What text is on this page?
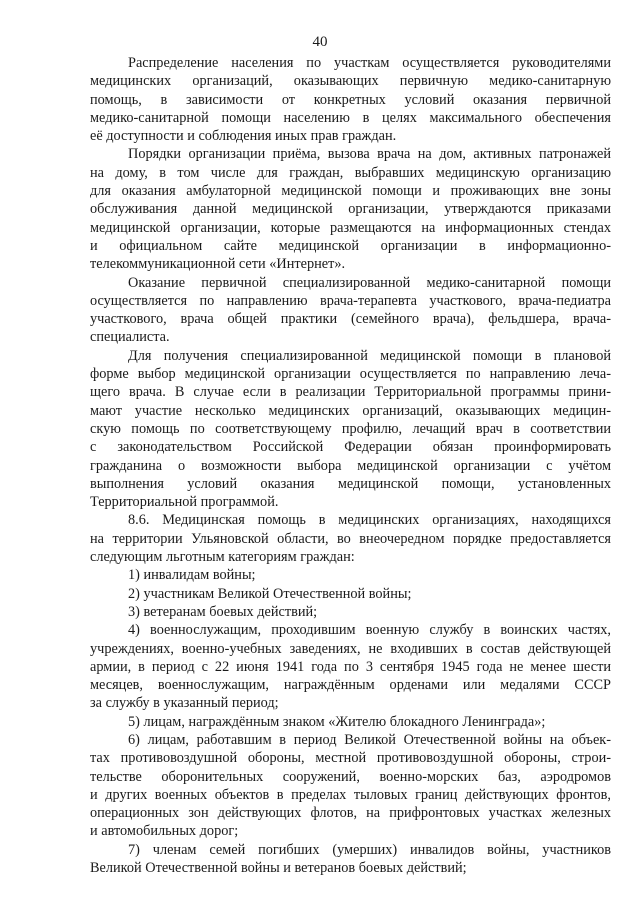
40
Распределение населения по участкам осуществляется руководителями
медицинских организаций, оказывающих первичную медико-санитарную
помощь, в зависимости от конкретных условий оказания первичной
медико-санитарной помощи населению в целях максимального обеспечения
её доступности и соблюдения иных прав граждан.
Порядки организации приёма, вызова врача на дом, активных патронажей
на дому, в том числе для граждан, выбравших медицинскую организацию
для оказания амбулаторной медицинской помощи и проживающих вне зоны
обслуживания данной медицинской организации, утверждаются приказами
медицинской организации, которые размещаются на информационных стендах
и официальном сайте медицинской организации в информационно-
телекоммуникационной сети «Интернет».
Оказание первичной специализированной медико-санитарной помощи
осуществляется по направлению врача-терапевта участкового, врача-педиатра
участкового, врача общей практики (семейного врача), фельдшера, врача-
специалиста.
Для получения специализированной медицинской помощи в плановой
форме выбор медицинской организации осуществляется по направлению леча-
щего врача. В случае если в реализации Территориальной программы прини-
мают участие несколько медицинских организаций, оказывающих медицин-
скую помощь по соответствующему профилю, лечащий врач в соответствии
с законодательством Российской Федерации обязан проинформировать
гражданина о возможности выбора медицинской организации с учётом
выполнения условий оказания медицинской помощи, установленных
Территориальной программой.
8.6. Медицинская помощь в медицинских организациях, находящихся
на территории Ульяновской области, во внеочередном порядке предоставляется
следующим льготным категориям граждан:
1) инвалидам войны;
2) участникам Великой Отечественной войны;
3) ветеранам боевых действий;
4) военнослужащим, проходившим военную службу в воинских частях,
учреждениях, военно-учебных заведениях, не входивших в состав действующей
армии, в период с 22 июня 1941 года по 3 сентября 1945 года не менее шести
месяцев, военнослужащим, награждённым орденами или медалями СССР
за службу в указанный период;
5) лицам, награждённым знаком «Жителю блокадного Ленинграда»;
6) лицам, работавшим в период Великой Отечественной войны на объек-
тах противовоздушной обороны, местной противовоздушной обороны, строи-
тельстве оборонительных сооружений, военно-морских баз, аэродромов
и других военных объектов в пределах тыловых границ действующих фронтов,
операционных зон действующих флотов, на прифронтовых участках железных
и автомобильных дорог;
7) членам семей погибших (умерших) инвалидов войны, участников
Великой Отечественной войны и ветеранов боевых действий;
